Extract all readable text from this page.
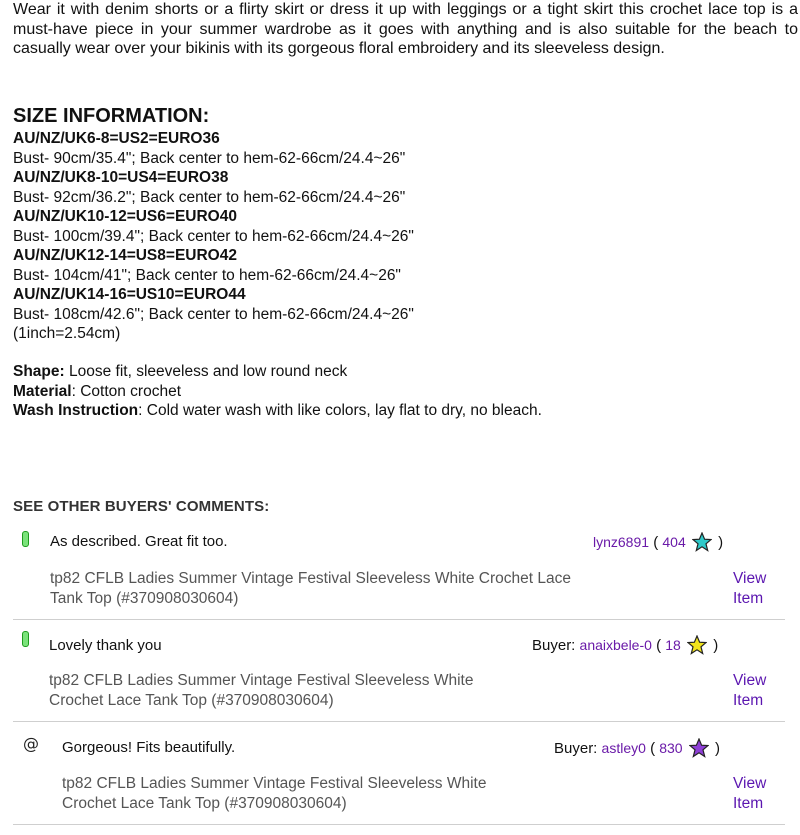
Wear it with denim shorts or a flirty skirt or dress it up with leggings or a tight skirt this crochet lace top is a must-have piece in your summer wardrobe as it goes with anything and is also suitable for the beach to casually wear over your bikinis with its gorgeous floral embroidery and its sleeveless design.

SIZE INFORMATION:
AU/NZ/UK6-8=US2=EURO36
Bust- 90cm/35.4"; Back center to hem-62-66cm/24.4~26"
AU/NZ/UK8-10=US4=EURO38
Bust- 92cm/36.2"; Back center to hem-62-66cm/24.4~26"
AU/NZ/UK10-12=US6=EURO40
Bust- 100cm/39.4"; Back center to hem-62-66cm/24.4~26"
AU/NZ/UK12-14=US8=EURO42
Bust- 104cm/41"; Back center to hem-62-66cm/24.4~26"
AU/NZ/UK14-16=US10=EURO44
Bust- 108cm/42.6"; Back center to hem-62-66cm/24.4~26"
(1inch=2.54cm)
Shape: Loose fit, sleeveless and low round neck
Material: Cotton crochet
Wash Instruction: Cold water wash with like colors, lay flat to dry, no bleach.
SEE OTHER BUYERS' COMMENTS:
As described. Great fit too.	lynz6891 ( 404 )
tp82 CFLB Ladies Summer Vintage Festival Sleeveless White Crochet Lace Tank Top (#370908030604)
View Item
Lovely thank you	Buyer: anaixbele-0 ( 18 )
tp82 CFLB Ladies Summer Vintage Festival Sleeveless White Crochet Lace Tank Top (#370908030604)
View Item
@ Gorgeous! Fits beautifully.	Buyer: astley0 ( 830 )
tp82 CFLB Ladies Summer Vintage Festival Sleeveless White Crochet Lace Tank Top (#370908030604)
View Item
